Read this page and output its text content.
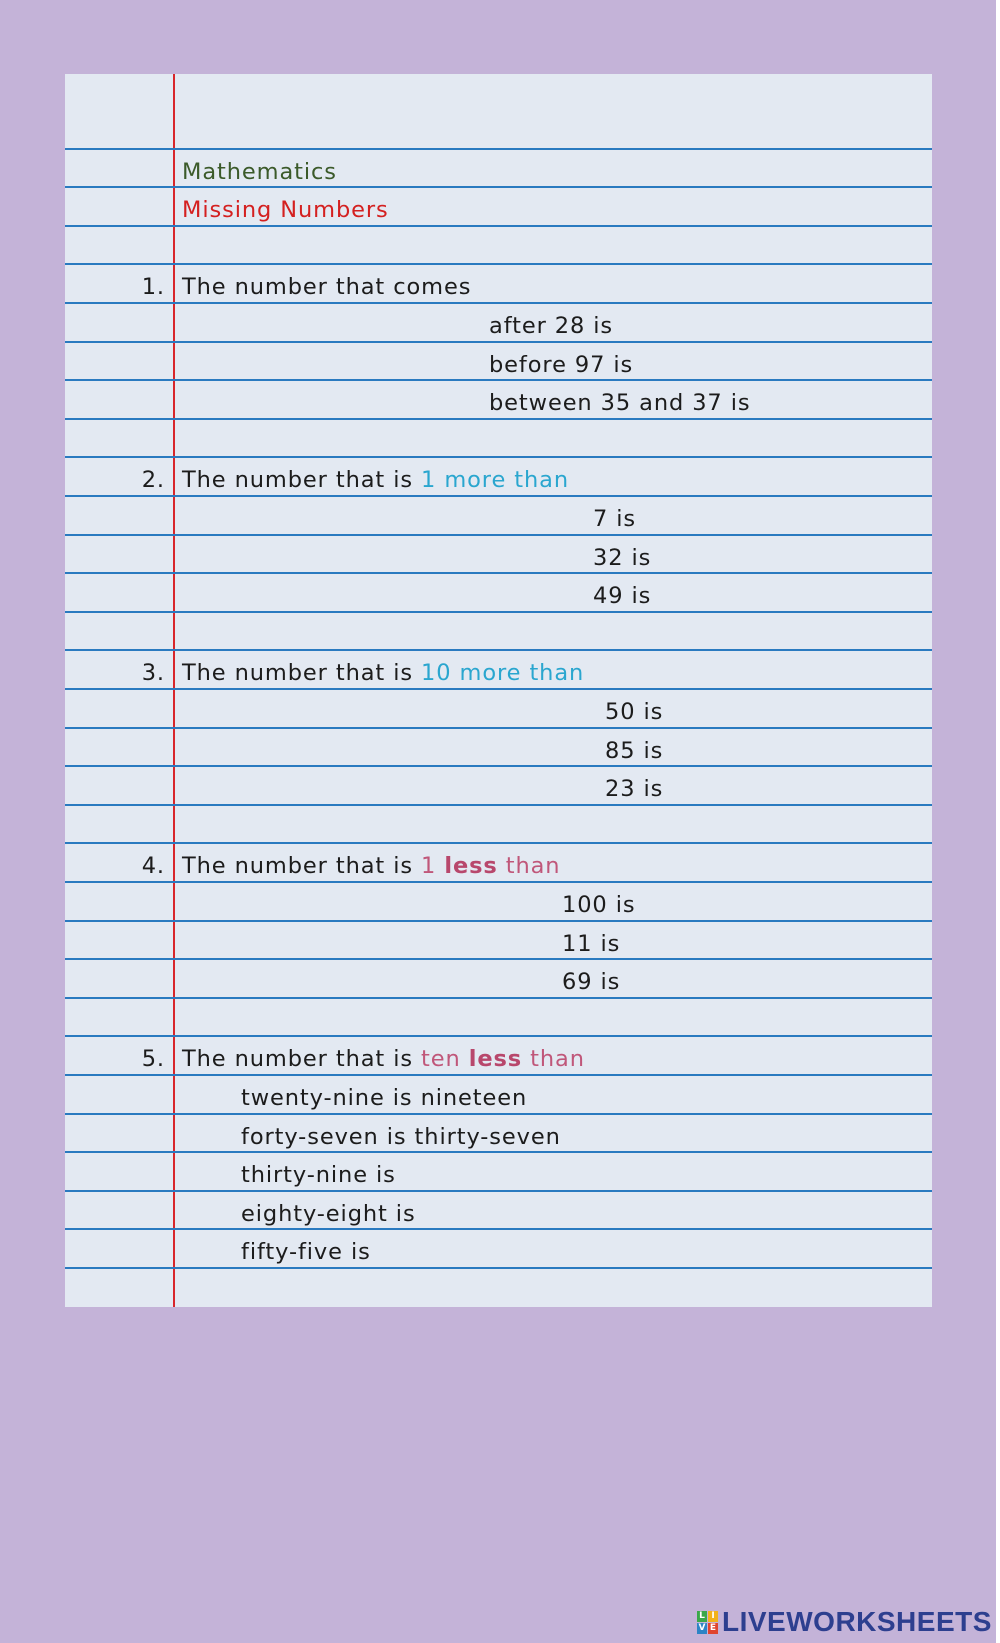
Mathematics
Missing Numbers
1. The number that comes
after 28 is
before 97 is
between 35 and 37 is
2. The number that is 1 more than
7 is
32 is
49 is
3. The number that is 10 more than
50 is
85 is
23 is
4. The number that is 1 less than
100 is
11 is
69 is
5. The number that is ten less than
twenty-nine is nineteen
forty-seven is thirty-seven
thirty-nine is
eighty-eight is
fifty-five is
L I
V E LIVEWORKSHEETS
